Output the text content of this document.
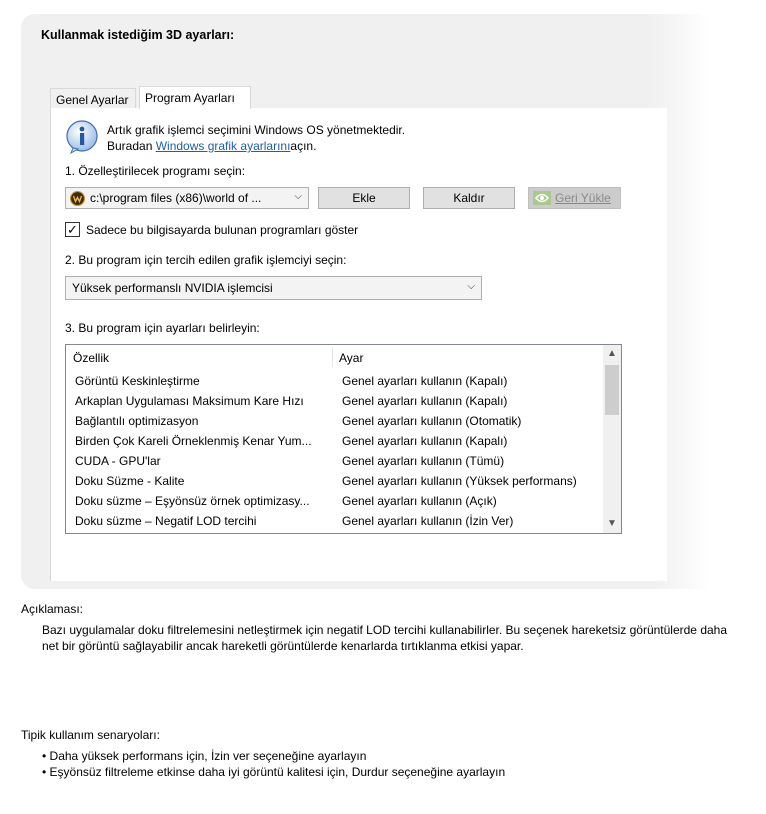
Kullanmak istediğim 3D ayarları:
Genel Ayarlar	Program Ayarları
Artık grafik işlemci seçimini Windows OS yönetmektedir.
Buradan Windows grafik ayarlarınıaçın.
1. Özelleştirilecek programı seçin:
c:\program files (x86)\world of ...	⌵	Ekle	Kaldır	Geri Yükle
✓ Sadece bu bilgisayarda bulunan programları göster
2. Bu program için tercih edilen grafik işlemciyi seçin:
Yüksek performanslı NVIDIA işlemcisi	⌵
3. Bu program için ayarları belirleyin:
Özellik	Ayar
Görüntü Keskinleştirme	Genel ayarları kullanın (Kapalı)
Arkaplan Uygulaması Maksimum Kare Hızı	Genel ayarları kullanın (Kapalı)
Bağlantılı optimizasyon	Genel ayarları kullanın (Otomatik)
Birden Çok Kareli Örneklenmiş Kenar Yum...	Genel ayarları kullanın (Kapalı)
CUDA - GPU'lar	Genel ayarları kullanın (Tümü)
Doku Süzme - Kalite	Genel ayarları kullanın (Yüksek performans)
Doku süzme – Eşyönsüz örnek optimizasy...	Genel ayarları kullanın (Açık)
Doku süzme – Negatif LOD tercihi	Genel ayarları kullanın (İzin Ver)
▲
▼
Açıklaması:
Bazı uygulamalar doku filtrelemesini netleştirmek için negatif LOD tercihi kullanabilirler. Bu seçenek hareketsiz görüntülerde daha net bir görüntü sağlayabilir ancak hareketli görüntülerde kenarlarda tırtıklanma etkisi yapar.
Tipik kullanım senaryoları:
• Daha yüksek performans için, İzin ver seçeneğine ayarlayın
• Eşyönsüz filtreleme etkinse daha iyi görüntü kalitesi için, Durdur seçeneğine ayarlayın
